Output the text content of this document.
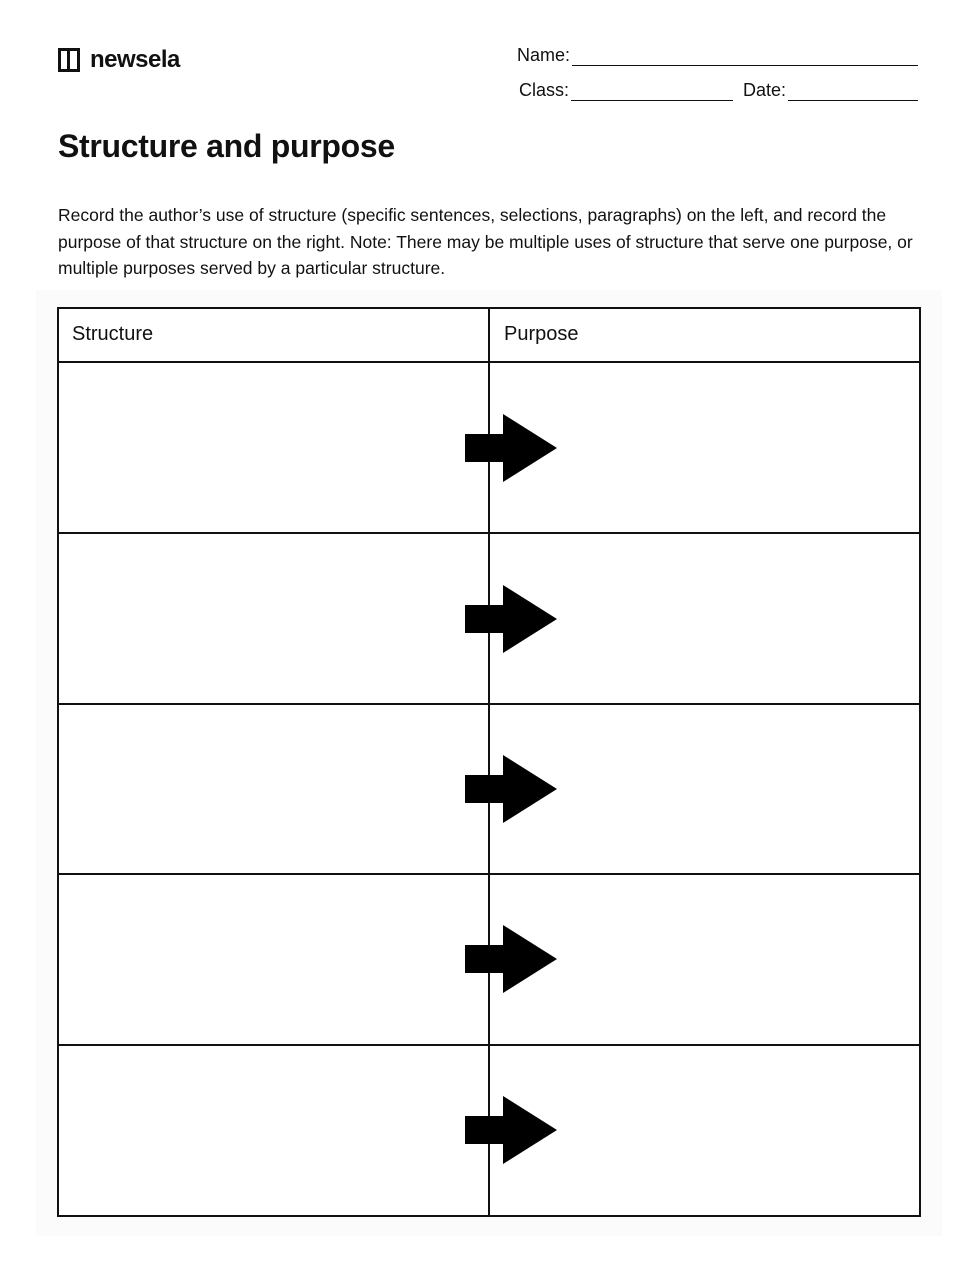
newsela	Name:
Class:	Date:
Structure and purpose

Record the author’s use of structure (specific sentences, selections, paragraphs) on the left, and record the purpose of that structure on the right. Note: There may be multiple uses of structure that serve one purpose, or multiple purposes served by a particular structure.

Structure	Purpose
